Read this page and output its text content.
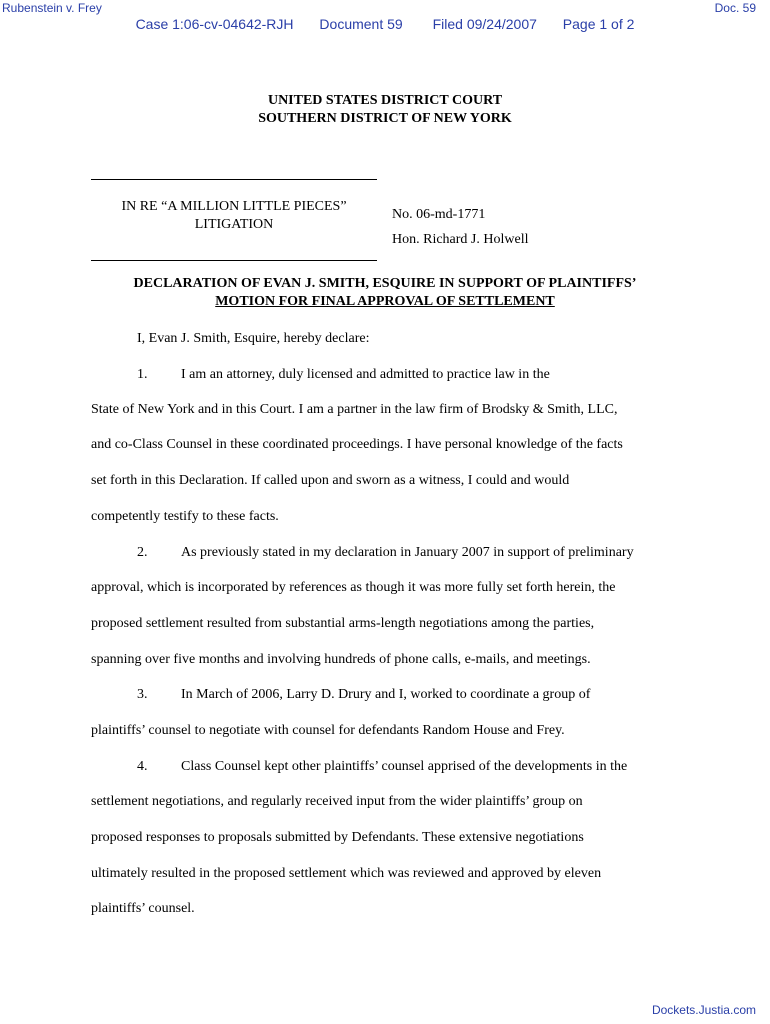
Rubenstein v. Frey	Doc. 59
Case 1:06-cv-04642-RJH Document 59 Filed 09/24/2007 Page 1 of 2
UNITED STATES DISTRICT COURT
SOUTHERN DISTRICT OF NEW YORK
IN RE “A MILLION LITTLE PIECES”
LITIGATION
No. 06-md-1771
Hon. Richard J. Holwell
DECLARATION OF EVAN J. SMITH, ESQUIRE IN SUPPORT OF PLAINTIFFS’
MOTION FOR FINAL APPROVAL OF SETTLEMENT
I, Evan J. Smith, Esquire, hereby declare:
1. I am an attorney, duly licensed and admitted to practice law in the
State of New York and in this Court. I am a partner in the law firm of Brodsky & Smith, LLC,
and co-Class Counsel in these coordinated proceedings. I have personal knowledge of the facts
set forth in this Declaration. If called upon and sworn as a witness, I could and would
competently testify to these facts.
2. As previously stated in my declaration in January 2007 in support of preliminary
approval, which is incorporated by references as though it was more fully set forth herein, the
proposed settlement resulted from substantial arms-length negotiations among the parties,
spanning over five months and involving hundreds of phone calls, e-mails, and meetings.
3. In March of 2006, Larry D. Drury and I, worked to coordinate a group of
plaintiffs’ counsel to negotiate with counsel for defendants Random House and Frey.
4. Class Counsel kept other plaintiffs’ counsel apprised of the developments in the
settlement negotiations, and regularly received input from the wider plaintiffs’ group on
proposed responses to proposals submitted by Defendants. These extensive negotiations
ultimately resulted in the proposed settlement which was reviewed and approved by eleven
plaintiffs’ counsel.
Dockets.Justia.com
